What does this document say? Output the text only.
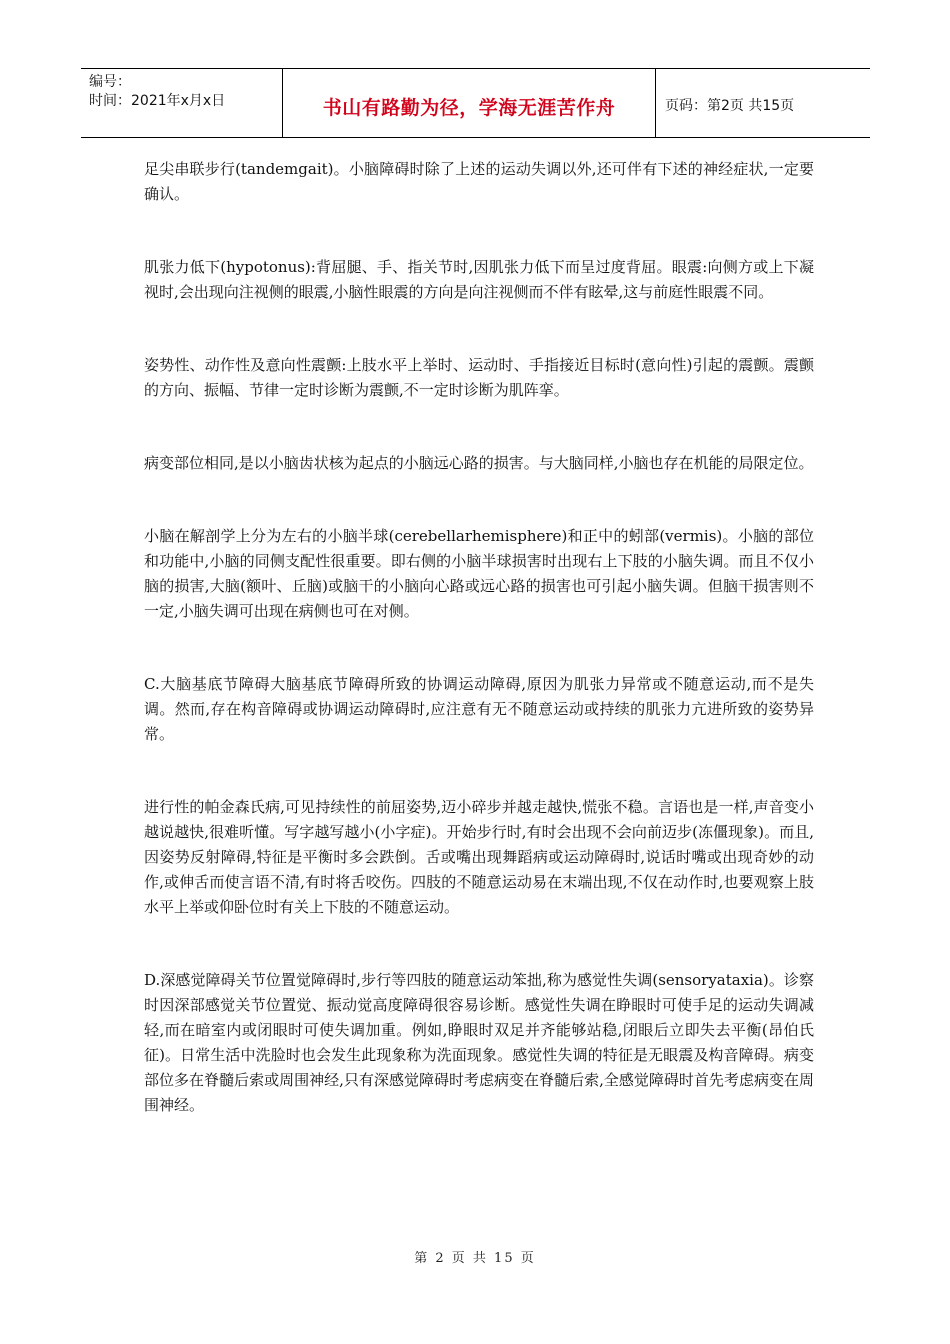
编号：
时间：2021年x月x日	书山有路勤为径，学海无涯苦作舟	页码：第2页 共15页

足尖串联步行(tandemgait)。小脑障碍时除了上述的运动失调以外,还可伴有下述的神经症状,一定要确认。

肌张力低下(hypotonus):背屈腿、手、指关节时,因肌张力低下而呈过度背屈。眼震:向侧方或上下凝视时,会出现向注视侧的眼震,小脑性眼震的方向是向注视侧而不伴有眩晕,这与前庭性眼震不同。

姿势性、动作性及意向性震颤:上肢水平上举时、运动时、手指接近目标时(意向性)引起的震颤。震颤的方向、振幅、节律一定时诊断为震颤,不一定时诊断为肌阵挛。

病变部位相同,是以小脑齿状核为起点的小脑远心路的损害。与大脑同样,小脑也存在机能的局限定位。

小脑在解剖学上分为左右的小脑半球(cerebellarhemisphere)和正中的蚓部(vermis)。小脑的部位和功能中,小脑的同侧支配性很重要。即右侧的小脑半球损害时出现右上下肢的小脑失调。而且不仅小脑的损害,大脑(额叶、丘脑)或脑干的小脑向心路或远心路的损害也可引起小脑失调。但脑干损害则不一定,小脑失调可出现在病侧也可在对侧。

C.大脑基底节障碍大脑基底节障碍所致的协调运动障碍,原因为肌张力异常或不随意运动,而不是失调。然而,存在构音障碍或协调运动障碍时,应注意有无不随意运动或持续的肌张力亢进所致的姿势异常。

进行性的帕金森氏病,可见持续性的前屈姿势,迈小碎步并越走越快,慌张不稳。言语也是一样,声音变小越说越快,很难听懂。写字越写越小(小字症)。开始步行时,有时会出现不会向前迈步(冻僵现象)。而且,因姿势反射障碍,特征是平衡时多会跌倒。舌或嘴出现舞蹈病或运动障碍时,说话时嘴或出现奇妙的动作,或伸舌而使言语不清,有时将舌咬伤。四肢的不随意运动易在末端出现,不仅在动作时,也要观察上肢水平上举或仰卧位时有关上下肢的不随意运动。

D.深感觉障碍关节位置觉障碍时,步行等四肢的随意运动笨拙,称为感觉性失调(sensoryataxia)。诊察时因深部感觉关节位置觉、振动觉高度障碍很容易诊断。感觉性失调在睁眼时可使手足的运动失调减轻,而在暗室内或闭眼时可使失调加重。例如,睁眼时双足并齐能够站稳,闭眼后立即失去平衡(昂伯氏征)。日常生活中洗脸时也会发生此现象称为洗面现象。感觉性失调的特征是无眼震及构音障碍。病变部位多在脊髓后索或周围神经,只有深感觉障碍时考虑病变在脊髓后索,全感觉障碍时首先考虑病变在周围神经。

第 2 页 共 15 页
